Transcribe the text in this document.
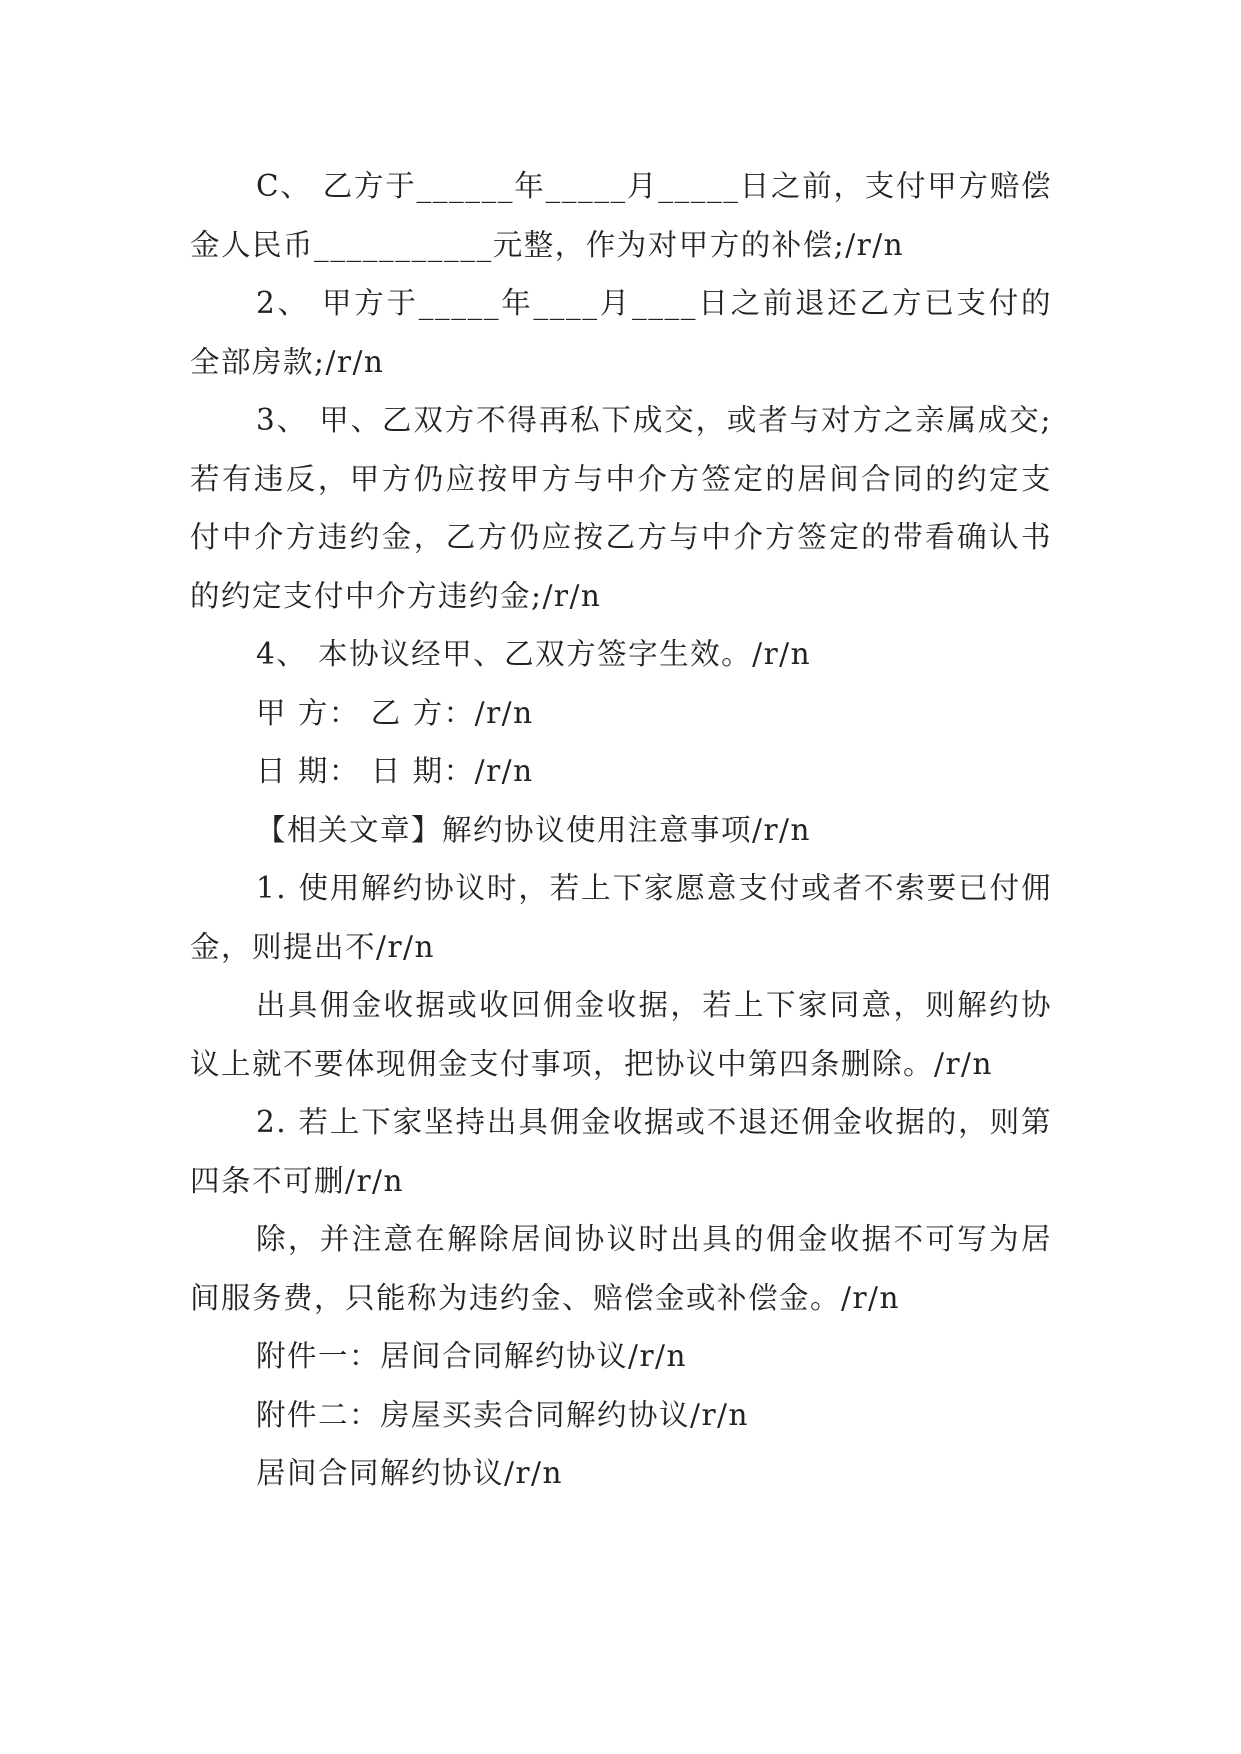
C、 乙方于______年_____月_____日之前，支付甲方赔偿金人民币___________元整，作为对甲方的补偿;/r/n

2、 甲方于_____年____月____日之前退还乙方已支付的全部房款;/r/n

3、 甲、乙双方不得再私下成交，或者与对方之亲属成交;若有违反，甲方仍应按甲方与中介方签定的居间合同的约定支付中介方违约金，乙方仍应按乙方与中介方签定的带看确认书的约定支付中介方违约金;/r/n

4、 本协议经甲、乙双方签字生效。/r/n

甲 方： 乙 方：/r/n

日 期： 日 期：/r/n

【相关文章】解约协议使用注意事项/r/n

1. 使用解约协议时，若上下家愿意支付或者不索要已付佣金，则提出不/r/n

出具佣金收据或收回佣金收据，若上下家同意，则解约协议上就不要体现佣金支付事项，把协议中第四条删除。/r/n

2. 若上下家坚持出具佣金收据或不退还佣金收据的，则第四条不可删/r/n

除，并注意在解除居间协议时出具的佣金收据不可写为居间服务费，只能称为违约金、赔偿金或补偿金。/r/n

附件一：居间合同解约协议/r/n

附件二：房屋买卖合同解约协议/r/n

居间合同解约协议/r/n
